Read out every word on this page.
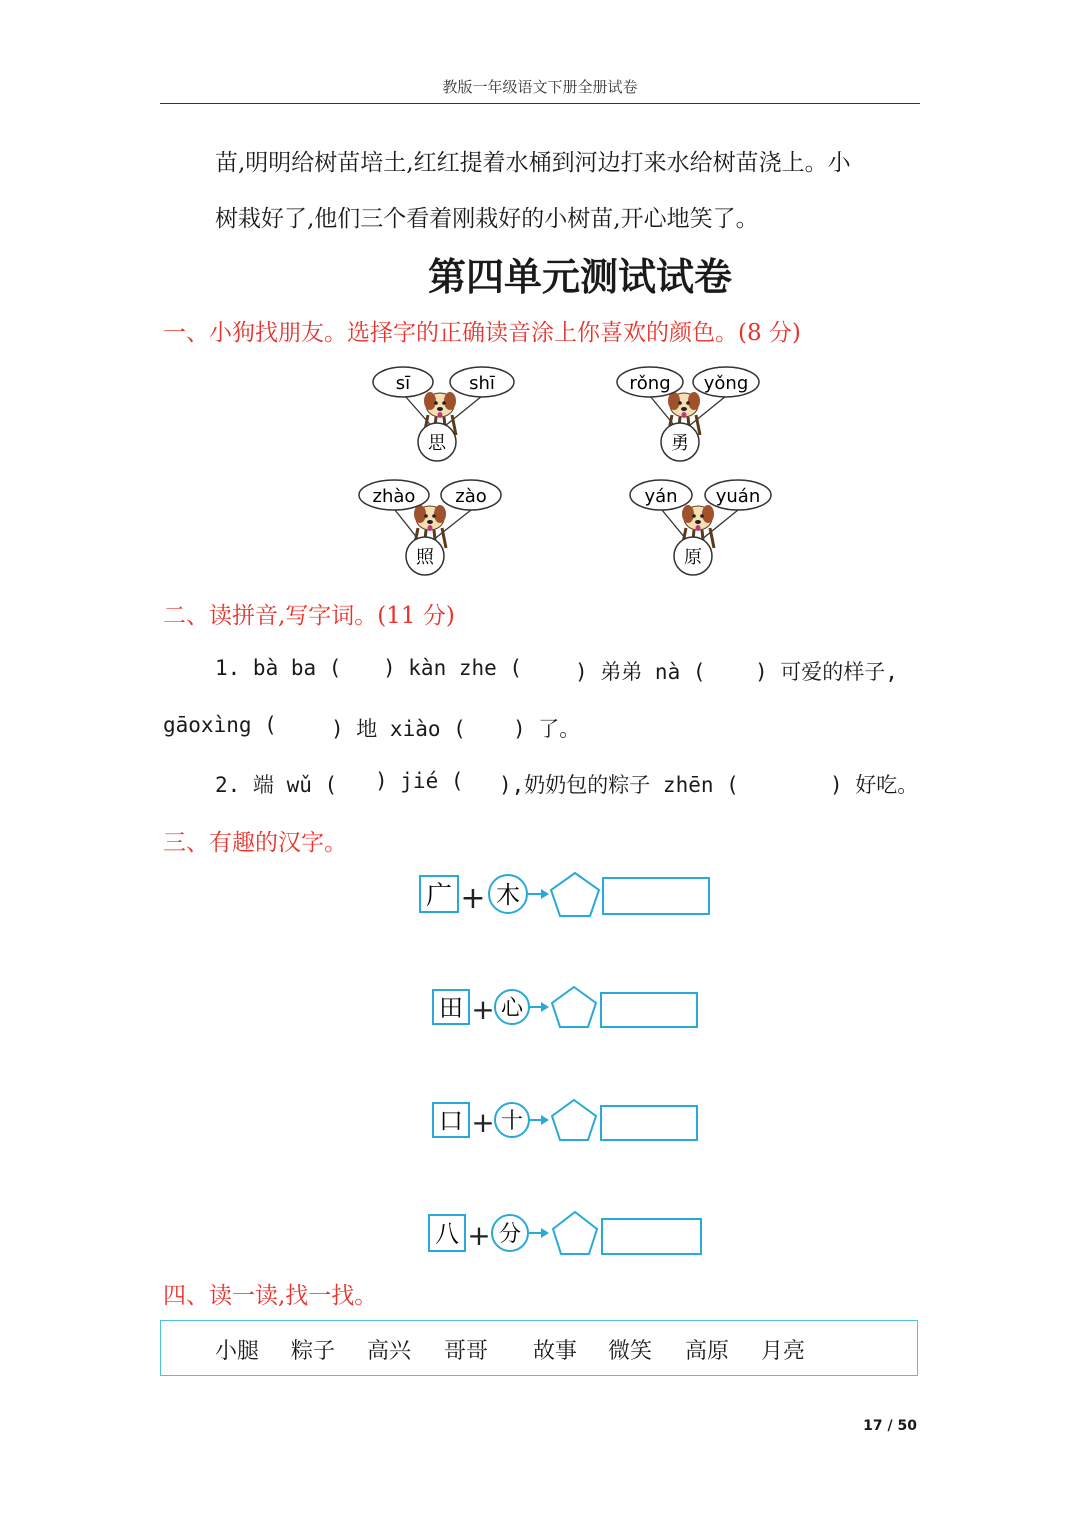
教版一年级语文下册全册试卷
苗,明明给树苗培土,红红提着水桶到河边打来水给树苗浇上。小
树栽好了,他们三个看着刚栽好的小树苗,开心地笑了。
第四单元测试试卷
一、小狗找朋友。选择字的正确读音涂上你喜欢的颜色。(8 分)
sī	shī
思
rǒng yǒng
勇
zhào zào
照
yán yuán
原
二、读拼音,写字词。(11 分)
1. bà ba ( ) kàn zhe (	) 弟弟 nà ( ) 可爱的样子,
gāoxìng (	) 地 xiào ( ) 了。
2. 端 wǔ ( ) jié ( ),奶奶包的粽子 zhēn (	) 好吃。
三、有趣的汉字。
广 + 木
田 + 心
口 + 十
八 + 分
四、读一读,找一找。
小腿 粽子 高兴 哥哥 故事 微笑 高原 月亮
17 / 50
